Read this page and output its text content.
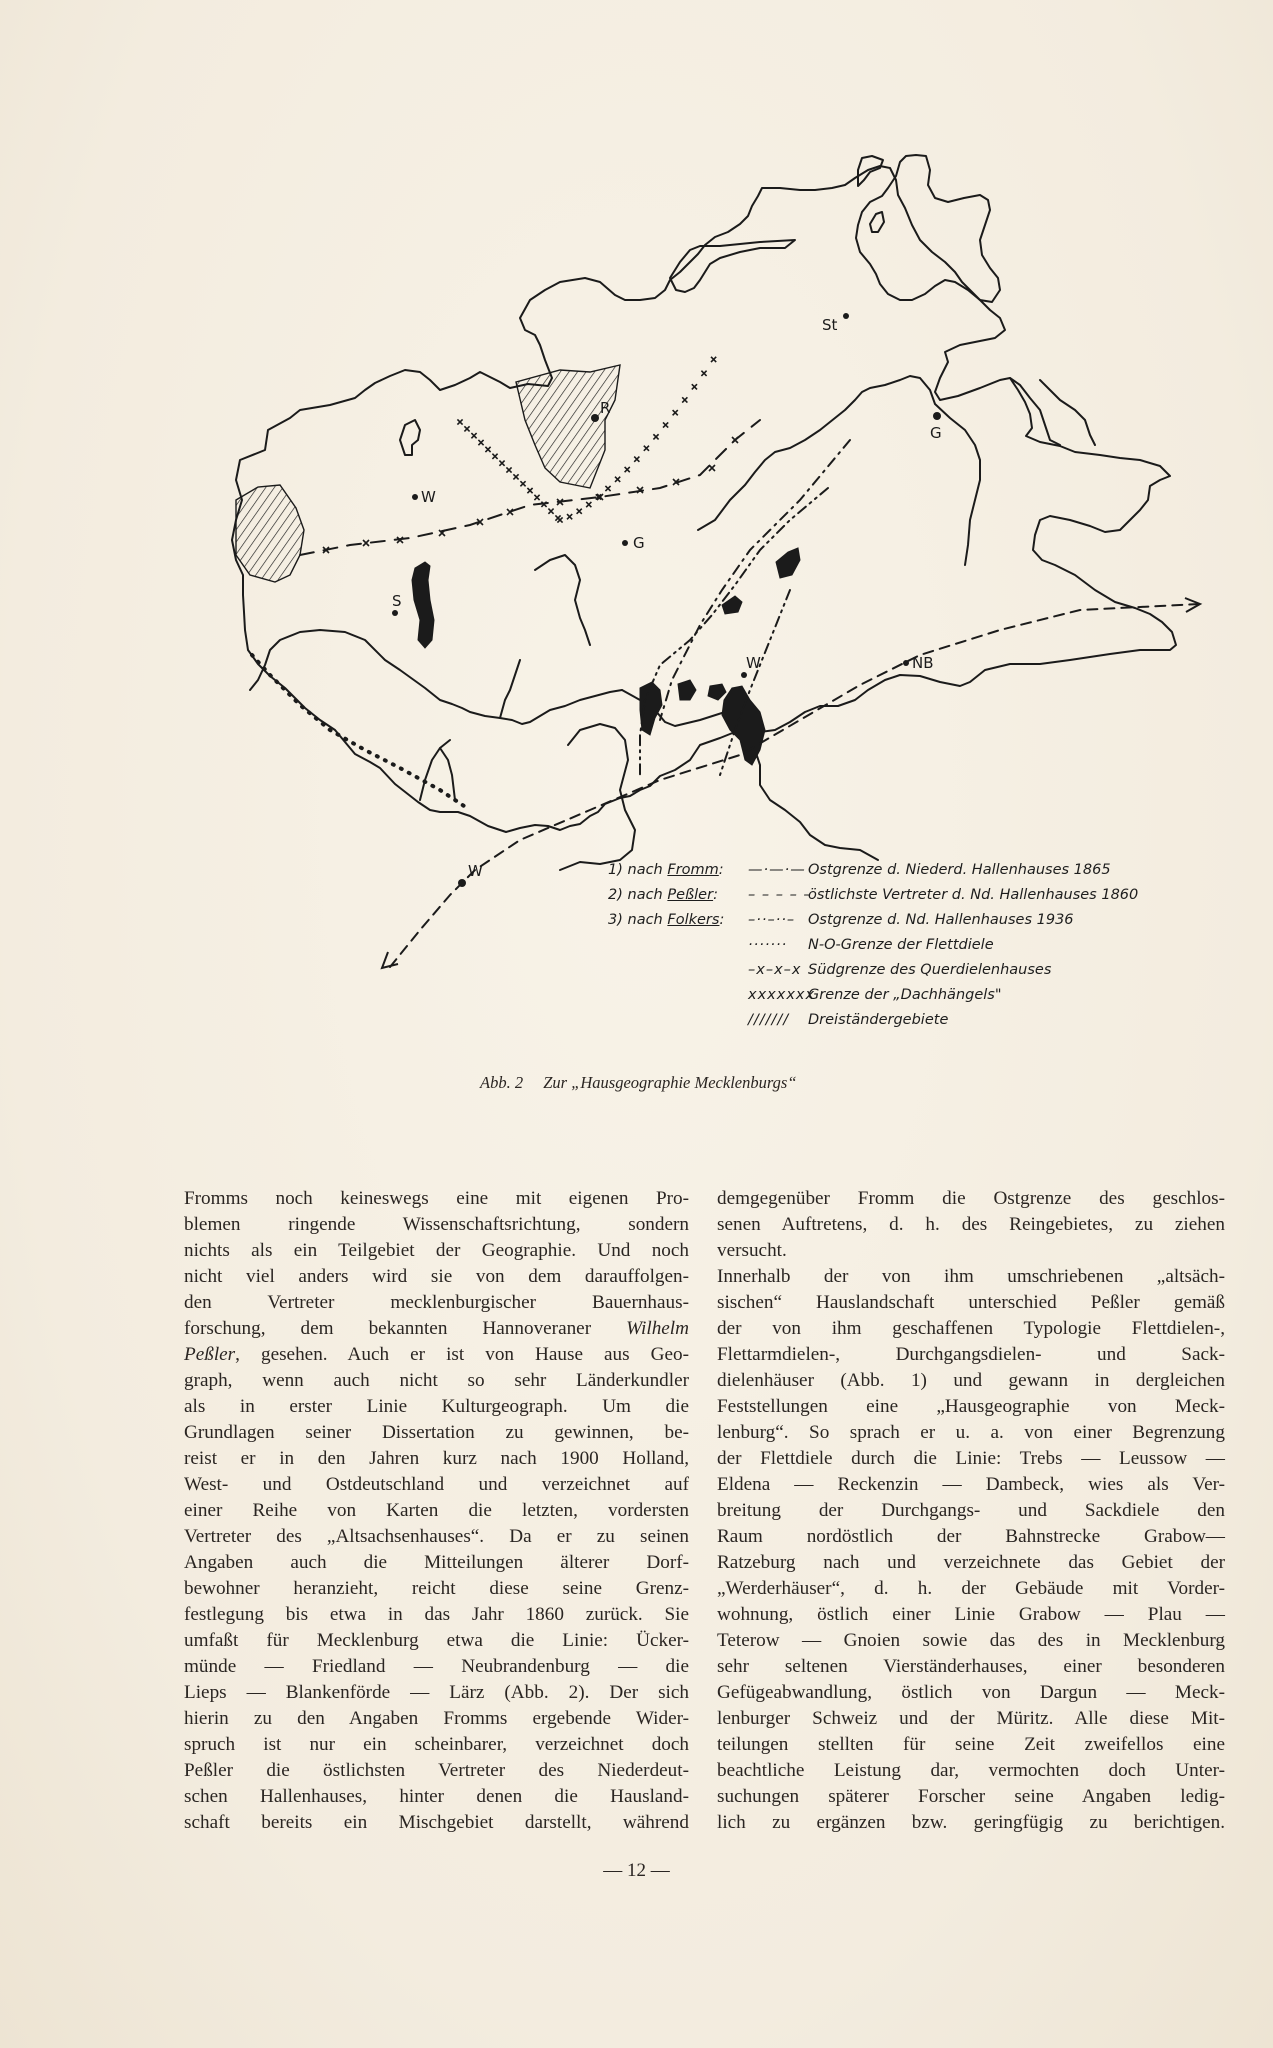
St
R
W
G
G
S
W	NB
W	1) nach Fromm: —·—·— Ostgrenze d. Niederd. Hallenhauses 1865
2) nach Peßler: – – – – –
östlichste Vertreter d. Nd. Hallenhauses 1860
3) nach Folkers: –··–··– Ostgrenze d. Nd. Hallenhauses 1936
······· N-O-Grenze der Flettdiele
–x–x–x Südgrenze des Querdielenhauses
xxxxxxx
Grenze der „Dachhängels"
/////// Dreiständergebiete
Abb. 2 Zur „Hausgeographie Mecklenburgs“
Fromms noch keineswegs eine mit eigenen Pro-
blemen ringende Wissenschaftsrichtung, sondern
nichts als ein Teilgebiet der Geographie. Und noch
nicht viel anders wird sie von dem darauffolgen-
den Vertreter mecklenburgischer Bauernhaus-
forschung, dem bekannten Hannoveraner Wilhelm
Peßler, gesehen. Auch er ist von Hause aus Geo-
graph, wenn auch nicht so sehr Länderkundler
als in erster Linie Kulturgeograph. Um die
Grundlagen seiner Dissertation zu gewinnen, be-
reist er in den Jahren kurz nach 1900 Holland,
West- und Ostdeutschland und verzeichnet auf
einer Reihe von Karten die letzten, vordersten
Vertreter des „Altsachsenhauses“. Da er zu seinen
Angaben auch die Mitteilungen älterer Dorf-
bewohner heranzieht, reicht diese seine Grenz-
festlegung bis etwa in das Jahr 1860 zurück. Sie
umfaßt für Mecklenburg etwa die Linie: Ücker-
münde — Friedland — Neubrandenburg — die
Lieps — Blankenförde — Lärz (Abb. 2). Der sich
hierin zu den Angaben Fromms ergebende Wider-
spruch ist nur ein scheinbarer, verzeichnet doch
Peßler die östlichsten Vertreter des Niederdeut-
schen Hallenhauses, hinter denen die Hausland-
schaft bereits ein Mischgebiet darstellt, während
demgegenüber Fromm die Ostgrenze des geschlos-
senen Auftretens, d. h. des Reingebietes, zu ziehen
versucht.
Innerhalb der von ihm umschriebenen „altsäch-
sischen“ Hauslandschaft unterschied Peßler gemäß
der von ihm geschaffenen Typologie Flettdielen-,
Flettarmdielen-, Durchgangsdielen- und Sack-
dielenhäuser (Abb. 1) und gewann in dergleichen
Feststellungen eine „Hausgeographie von Meck-
lenburg“. So sprach er u. a. von einer Begrenzung
der Flettdiele durch die Linie: Trebs — Leussow —
Eldena — Reckenzin — Dambeck, wies als Ver-
breitung der Durchgangs- und Sackdiele den
Raum nordöstlich der Bahnstrecke Grabow—
Ratzeburg nach und verzeichnete das Gebiet der
„Werderhäuser“, d. h. der Gebäude mit Vorder-
wohnung, östlich einer Linie Grabow — Plau —
Teterow — Gnoien sowie das des in Mecklenburg
sehr seltenen Vierständerhauses, einer besonderen
Gefügeabwandlung, östlich von Dargun — Meck-
lenburger Schweiz und der Müritz. Alle diese Mit-
teilungen stellten für seine Zeit zweifellos eine
beachtliche Leistung dar, vermochten doch Unter-
suchungen späterer Forscher seine Angaben ledig-
lich zu ergänzen bzw. geringfügig zu berichtigen.
— 12 —
